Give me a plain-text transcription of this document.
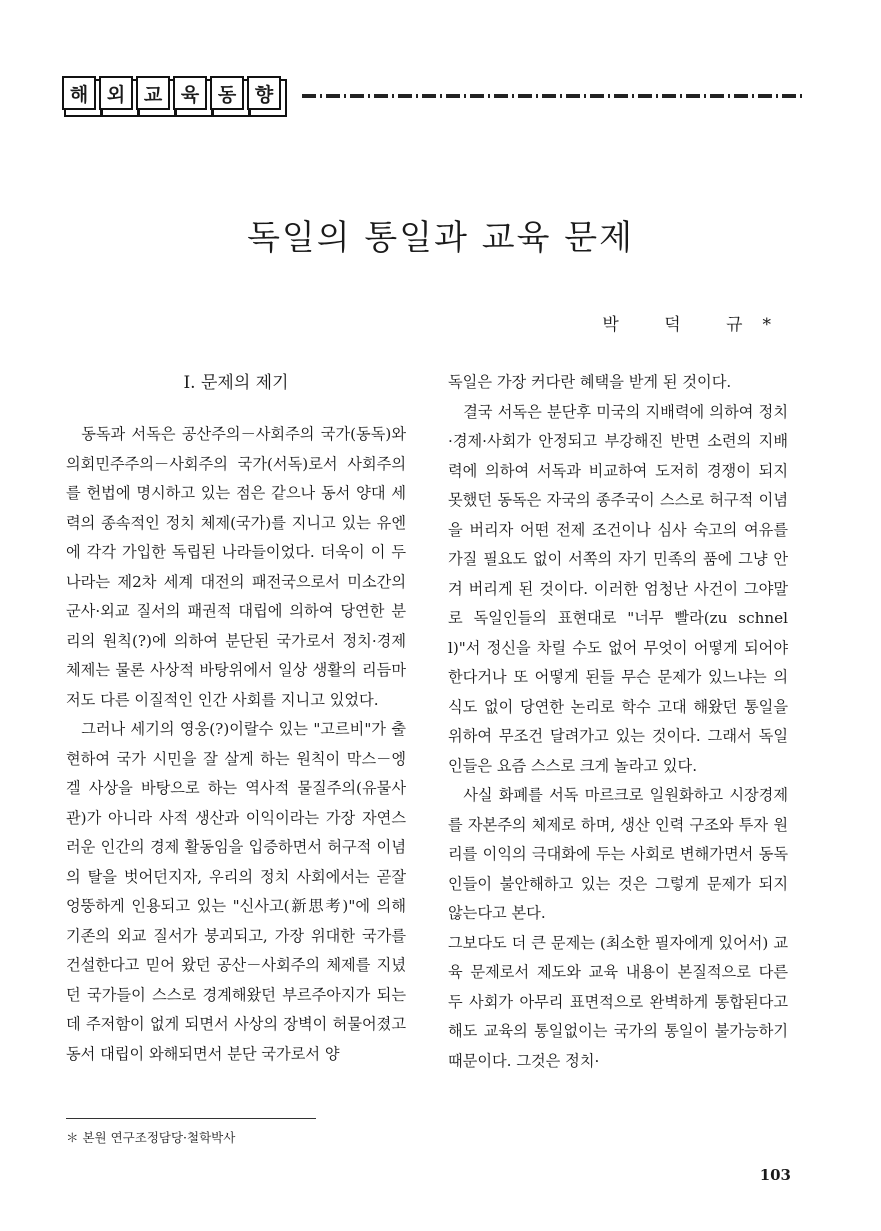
해 외 교 육 동 향
독일의 통일과 교육 문제
박 덕 규*
Ⅰ. 문제의 제기

동독과 서독은 공산주의－사회주의 국가(동독)와 의회민주주의－사회주의 국가(서독)로서 사회주의를 헌법에 명시하고 있는 점은 같으나 동서 양대 세력의 종속적인 정치 체제(국가)를 지니고 있는 유엔에 각각 가입한 독립된 나라들이었다. 더욱이 이 두 나라는 제2차 세계 대전의 패전국으로서 미소간의 군사·외교 질서의 패권적 대립에 의하여 당연한 분리의 원칙(?)에 의하여 분단된 국가로서 정치·경제 체제는 물론 사상적 바탕위에서 일상 생활의 리듬마저도 다른 이질적인 인간 사회를 지니고 있었다.

그러나 세기의 영웅(?)이랄수 있는 "고르비"가 출현하여 국가 시민을 잘 살게 하는 원칙이 막스－엥겔 사상을 바탕으로 하는 역사적 물질주의(유물사관)가 아니라 사적 생산과 이익이라는 가장 자연스러운 인간의 경제 활동임을 입증하면서 허구적 이념의 탈을 벗어던지자, 우리의 정치 사회에서는 곧잘 엉뚱하게 인용되고 있는 "신사고(新思考)"에 의해 기존의 외교 질서가 붕괴되고, 가장 위대한 국가를 건설한다고 믿어 왔던 공산－사회주의 체제를 지녔던 국가들이 스스로 경계해왔던 부르주아지가 되는 데 주저함이 없게 되면서 사상의 장벽이 허물어졌고 동서 대립이 와해되면서 분단 국가로서 양

독일은 가장 커다란 혜택을 받게 된 것이다.

결국 서독은 분단후 미국의 지배력에 의하여 정치·경제·사회가 안정되고 부강해진 반면 소련의 지배력에 의하여 서독과 비교하여 도저히 경쟁이 되지 못했던 동독은 자국의 종주국이 스스로 허구적 이념을 버리자 어떤 전제 조건이나 심사 숙고의 여유를 가질 필요도 없이 서쪽의 자기 민족의 품에 그냥 안겨 버리게 된 것이다. 이러한 엄청난 사건이 그야말로 독일인들의 표현대로 "너무 빨라(zu schnell)"서 정신을 차릴 수도 없어 무엇이 어떻게 되어야 한다거나 또 어떻게 된들 무슨 문제가 있느냐는 의식도 없이 당연한 논리로 학수 고대 해왔던 통일을 위하여 무조건 달려가고 있는 것이다. 그래서 독일인들은 요즘 스스로 크게 놀라고 있다.

사실 화폐를 서독 마르크로 일원화하고 시장경제를 자본주의 체제로 하며, 생산 인력 구조와 투자 원리를 이익의 극대화에 두는 사회로 변해가면서 동독인들이 불안해하고 있는 것은 그렇게 문제가 되지 않는다고 본다.

그보다도 더 큰 문제는 (최소한 필자에게 있어서) 교육 문제로서 제도와 교육 내용이 본질적으로 다른 두 사회가 아무리 표면적으로 완벽하게 통합된다고 해도 교육의 통일없이는 국가의 통일이 불가능하기 때문이다. 그것은 정치·

＊ 본원 연구조정담당·철학박사
103
